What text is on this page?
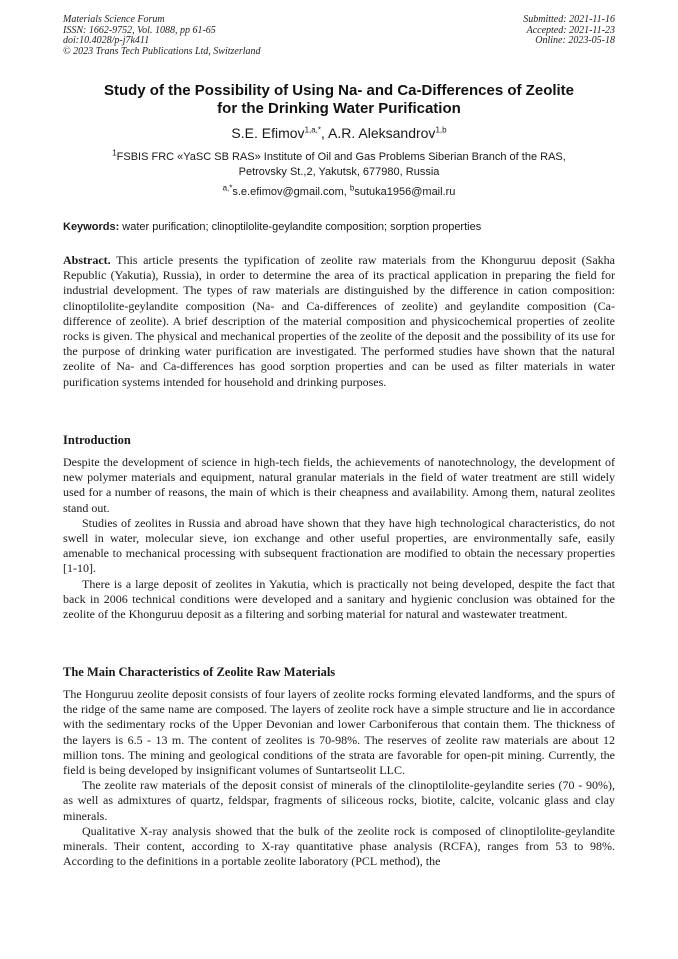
Materials Science Forum
ISSN: 1662-9752, Vol. 1088, pp 61-65
doi:10.4028/p-j7k411
© 2023 Trans Tech Publications Ltd, Switzerland
Submitted: 2021-11-16
Accepted: 2021-11-23
Online: 2023-05-18
Study of the Possibility of Using Na- and Ca-Differences of Zeolite
for the Drinking Water Purification
S.E. Efimov$^{1,a,*}$, A.R. Aleksandrov$^{1,b}$
$^1$FSBIS FRC «YaSC SB RAS» Institute of Oil and Gas Problems Siberian Branch of the RAS,
Petrovsky St.,2, Yakutsk, 677980, Russia
$^{a,*}$s.e.efimov@gmail.com, $^b$sutuka1956@mail.ru
Keywords: water purification; clinoptilolite-geylandite composition; sorption properties

Abstract. This article presents the typification of zeolite raw materials from the Khonguruu deposit (Sakha Republic (Yakutia), Russia), in order to determine the area of its practical application in preparing the field for industrial development. The types of raw materials are distinguished by the difference in cation composition: clinoptilolite-geylandite composition (Na- and Ca-differences of zeolite) and geylandite composition (Ca-difference of zeolite). A brief description of the material composition and physicochemical properties of zeolite rocks is given. The physical and mechanical properties of the zeolite of the deposit and the possibility of its use for the purpose of drinking water purification are investigated. The performed studies have shown that the natural zeolite of Na- and Ca-differences has good sorption properties and can be used as filter materials in water purification systems intended for household and drinking purposes.

Introduction

Despite the development of science in high-tech fields, the achievements of nanotechnology, the development of new polymer materials and equipment, natural granular materials in the field of water treatment are still widely used for a number of reasons, the main of which is their cheapness and availability. Among them, natural zeolites stand out.

Studies of zeolites in Russia and abroad have shown that they have high technological characteristics, do not swell in water, molecular sieve, ion exchange and other useful properties, are environmentally safe, easily amenable to mechanical processing with subsequent fractionation are modified to obtain the necessary properties [1-10].

There is a large deposit of zeolites in Yakutia, which is practically not being developed, despite the fact that back in 2006 technical conditions were developed and a sanitary and hygienic conclusion was obtained for the zeolite of the Khonguruu deposit as a filtering and sorbing material for natural and wastewater treatment.

The Main Characteristics of Zeolite Raw Materials

The Honguruu zeolite deposit consists of four layers of zeolite rocks forming elevated landforms, and the spurs of the ridge of the same name are composed. The layers of zeolite rock have a simple structure and lie in accordance with the sedimentary rocks of the Upper Devonian and lower Carboniferous that contain them. The thickness of the layers is 6.5 - 13 m. The content of zeolites is 70-98%. The reserves of zeolite raw materials are about 12 million tons. The mining and geological conditions of the strata are favorable for open-pit mining. Currently, the field is being developed by insignificant volumes of Suntartseolit LLC.

The zeolite raw materials of the deposit consist of minerals of the clinoptilolite-geylandite series (70 - 90%), as well as admixtures of quartz, feldspar, fragments of siliceous rocks, biotite, calcite, volcanic glass and clay minerals.

Qualitative X-ray analysis showed that the bulk of the zeolite rock is composed of clinoptilolite-geylandite minerals. Their content, according to X-ray quantitative phase analysis (RCFA), ranges from 53 to 98%. According to the definitions in a portable zeolite laboratory (PCL method), the
